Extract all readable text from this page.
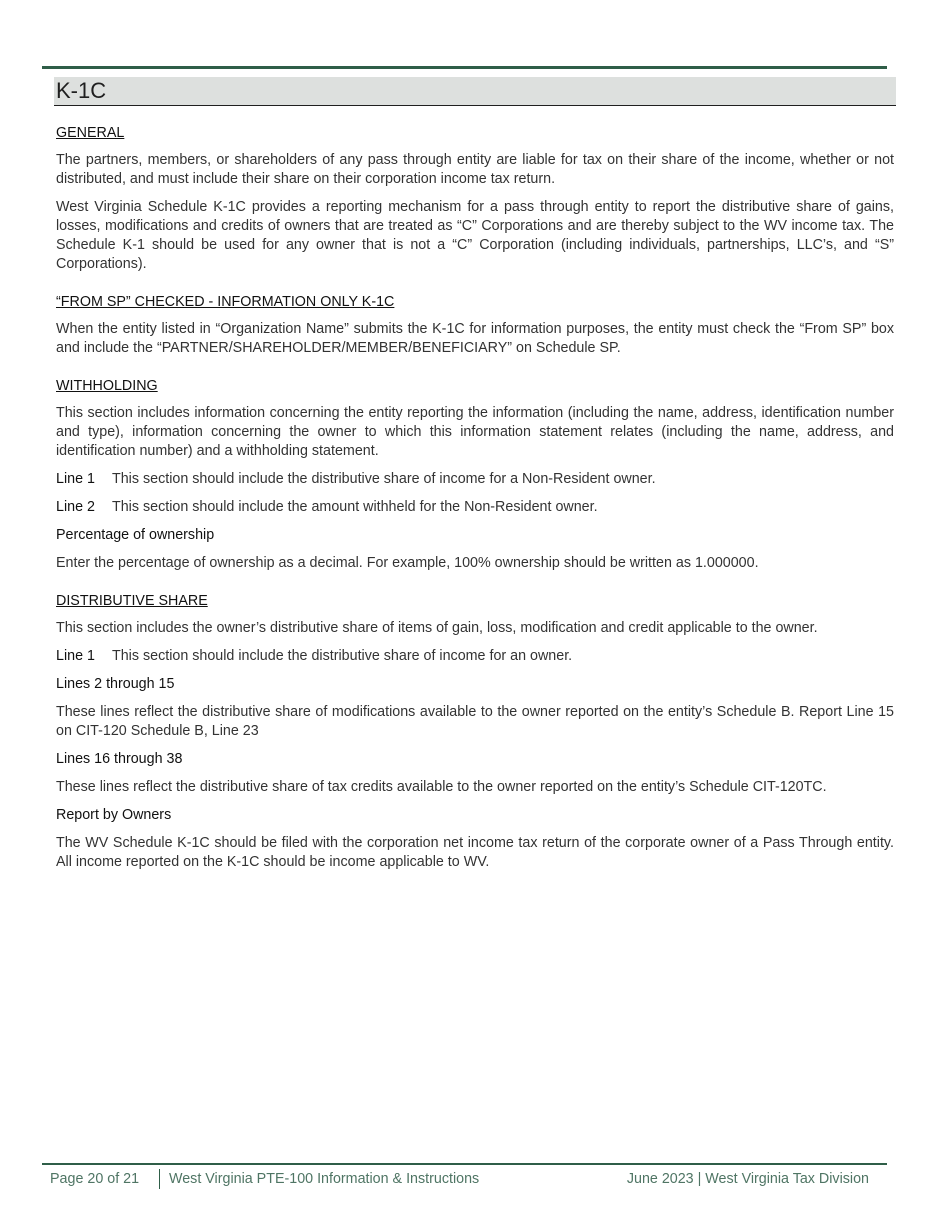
K-1C
GENERAL

The partners, members, or shareholders of any pass through entity are liable for tax on their share of the income, whether or not distributed, and must include their share on their corporation income tax return.

West Virginia Schedule K-1C provides a reporting mechanism for a pass through entity to report the distributive share of gains, losses, modifications and credits of owners that are treated as “C” Corporations and are thereby subject to the WV income tax. The Schedule K-1 should be used for any owner that is not a “C” Corporation (including individuals, partnerships, LLC’s, and “S” Corporations).

“FROM SP” CHECKED - INFORMATION ONLY K-1C

When the entity listed in “Organization Name” submits the K-1C for information purposes, the entity must check the “From SP” box and include the “PARTNER/SHAREHOLDER/MEMBER/BENEFICIARY” on Schedule SP.

WITHHOLDING

This section includes information concerning the entity reporting the information (including the name, address, identification number and type), information concerning the owner to which this information statement relates (including the name, address, and identification number) and a withholding statement.

Line 1	This section should include the distributive share of income for a Non-Resident owner.
Line 2	This section should include the amount withheld for the Non-Resident owner.
Percentage of ownership

Enter the percentage of ownership as a decimal. For example, 100% ownership should be written as 1.000000.

DISTRIBUTIVE SHARE

This section includes the owner’s distributive share of items of gain, loss, modification and credit applicable to the owner.

Line 1	This section should include the distributive share of income for an owner.
Lines 2 through 15

These lines reflect the distributive share of modifications available to the owner reported on the entity’s Schedule B. Report Line 15 on CIT-120 Schedule B, Line 23

Lines 16 through 38

These lines reflect the distributive share of tax credits available to the owner reported on the entity’s Schedule CIT-120TC.

Report by Owners

The WV Schedule K-1C should be filed with the corporation net income tax return of the corporate owner of a Pass Through entity. All income reported on the K-1C should be income applicable to WV.

Page 20 of 21 West Virginia PTE-100 Information & Instructions	June 2023 | West Virginia Tax Division
